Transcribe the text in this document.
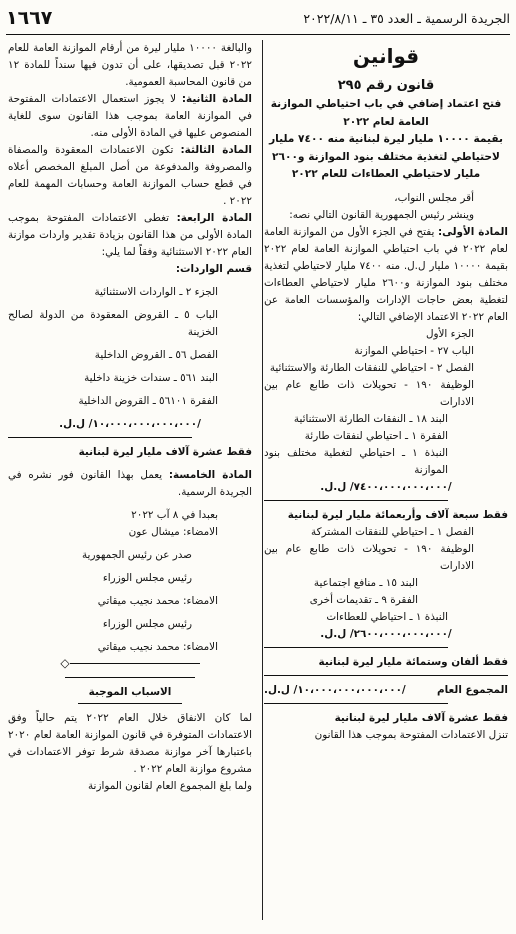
الجريدة الرسمية ـ العدد ٣٥ ـ ٢٠٢٢/٨/١١
١٦٦٧

قوانين

قانون رقم ٢٩٥

فتح اعتماد إضافي في باب احتياطي الموازنة

العامة لعام ٢٠٢٢

بقيمة ١٠٠٠٠ مليار ليرة لبنانية منه ٧٤٠٠ مليار

لاحتياطي لتغذية مختلف بنود الموازنة و٢٦٠٠

مليار لاحتياطي العطاءات للعام ٢٠٢٢

أقر مجلس النواب،

وينشر رئيس الجمهورية القانون التالي نصه:

المادة الأولى: يفتح في الجزء الأول من الموازنة العامة لعام ٢٠٢٢ في باب احتياطي الموازنة العامة لعام ٢٠٢٢ بقيمة ١٠٠٠٠ مليار ل.ل. منه ٧٤٠٠ مليار لاحتياطي لتغذية مختلف بنود الموازنة و٢٦٠٠ مليار لاحتياطي العطاءات لتغطية بعض حاجات الإدارات والمؤسسات العامة عن العام ٢٠٢٢ الاعتماد الإضافي التالي:

الجزء الأول

الباب ٢٧ - احتياطي الموازنة

الفصل ٢ - احتياطي للنفقات الطارئة والاستثنائية

الوظيفة ١٩٠ - تحويلات ذات طابع عام بين الادارات

البند ١٨ ـ النفقات الطارئة الاستثنائية

الفقرة ١ ـ احتياطي لنفقات طارئة

النبذة ١ ـ احتياطي لتغطية مختلف بنود الموازنة

/٧٤٠٠،٠٠٠،٠٠٠،٠٠٠/ ل.ل.

فقط سبعة آلاف وأربعمائة مليار ليرة لبنانية

الفصل ١ ـ احتياطي للنفقات المشتركة

الوظيفة ١٩٠ - تحويلات ذات طابع عام بين الادارات

البند ١٥ ـ منافع اجتماعية

الفقرة ٩ ـ تقديمات أخرى

النبذة ١ ـ احتياطي للعطاءات

/٢٦٠٠،٠٠٠،٠٠٠،٠٠٠/ ل.ل.

فقط ألفان وستمائة مليار ليرة لبنانية

المجموع العام
/١٠،٠٠٠،٠٠٠،٠٠٠،٠٠٠/ ل.ل.

فقط عشرة آلاف مليار ليرة لبنانية

تنزل الاعتمادات المفتوحة بموجب هذا القانون

والبالغة ١٠٠٠٠ مليار ليرة من أرقام الموازنة العامة للعام ٢٠٢٢ قبل تصديقها، على أن تدون فيها سنداً للمادة ١٢ من قانون المحاسبة العمومية.

المادة الثانية: لا يجوز استعمال الاعتمادات المفتوحة في الموازنة العامة بموجب هذا القانون سوى للغاية المنصوص عليها في المادة الأولى منه.

المادة الثالثة: تكون الاعتمادات المعقودة والمصفاة والمصروفة والمدفوعة من أصل المبلغ المخصص أعلاه في قطع حساب الموازنة العامة وحسابات المهمة للعام ٢٠٢٢ .

المادة الرابعة: تغطى الاعتمادات المفتوحة بموجب المادة الأولى من هذا القانون بزيادة تقدير واردات موازنة العام ٢٠٢٢ الاستثنائية وفقاً لما يلي:

قسم الواردات:

الجزء ٢ ـ الواردات الاستثنائية

الباب ٥ ـ القروض المعقودة من الدولة لصالح الخزينة

الفصل ٥٦ ـ القروض الداخلية

البند ٥٦١ ـ سندات خزينة داخلية

الفقرة ٥٦١٠١ ـ القروض الداخلية

/١٠،٠٠٠،٠٠٠،٠٠٠،٠٠٠/ ل.ل.

فقط عشرة آلاف مليار ليرة لبنانية

المادة الخامسة: يعمل بهذا القانون فور نشره في الجريدة الرسمية.

بعبدا في ٨ آب ٢٠٢٢

الامضاء: ميشال عون

صدر عن رئيس الجمهورية

رئيس مجلس الوزراء

الامضاء: محمد نجيب ميقاتي

رئيس مجلس الوزراء

الامضاء: محمد نجيب ميقاتي

◇

الاسباب الموجبة

لما كان الانفاق خلال العام ٢٠٢٢ يتم حالياً وفق الاعتمادات المتوفرة في قانون الموازنة العامة لعام ٢٠٢٠ باعتبارها آخر موازنة مصدقة شرط توفر الاعتمادات في مشروع موازنة العام ٢٠٢٢ .

ولما بلغ المجموع العام لقانون الموازنة
